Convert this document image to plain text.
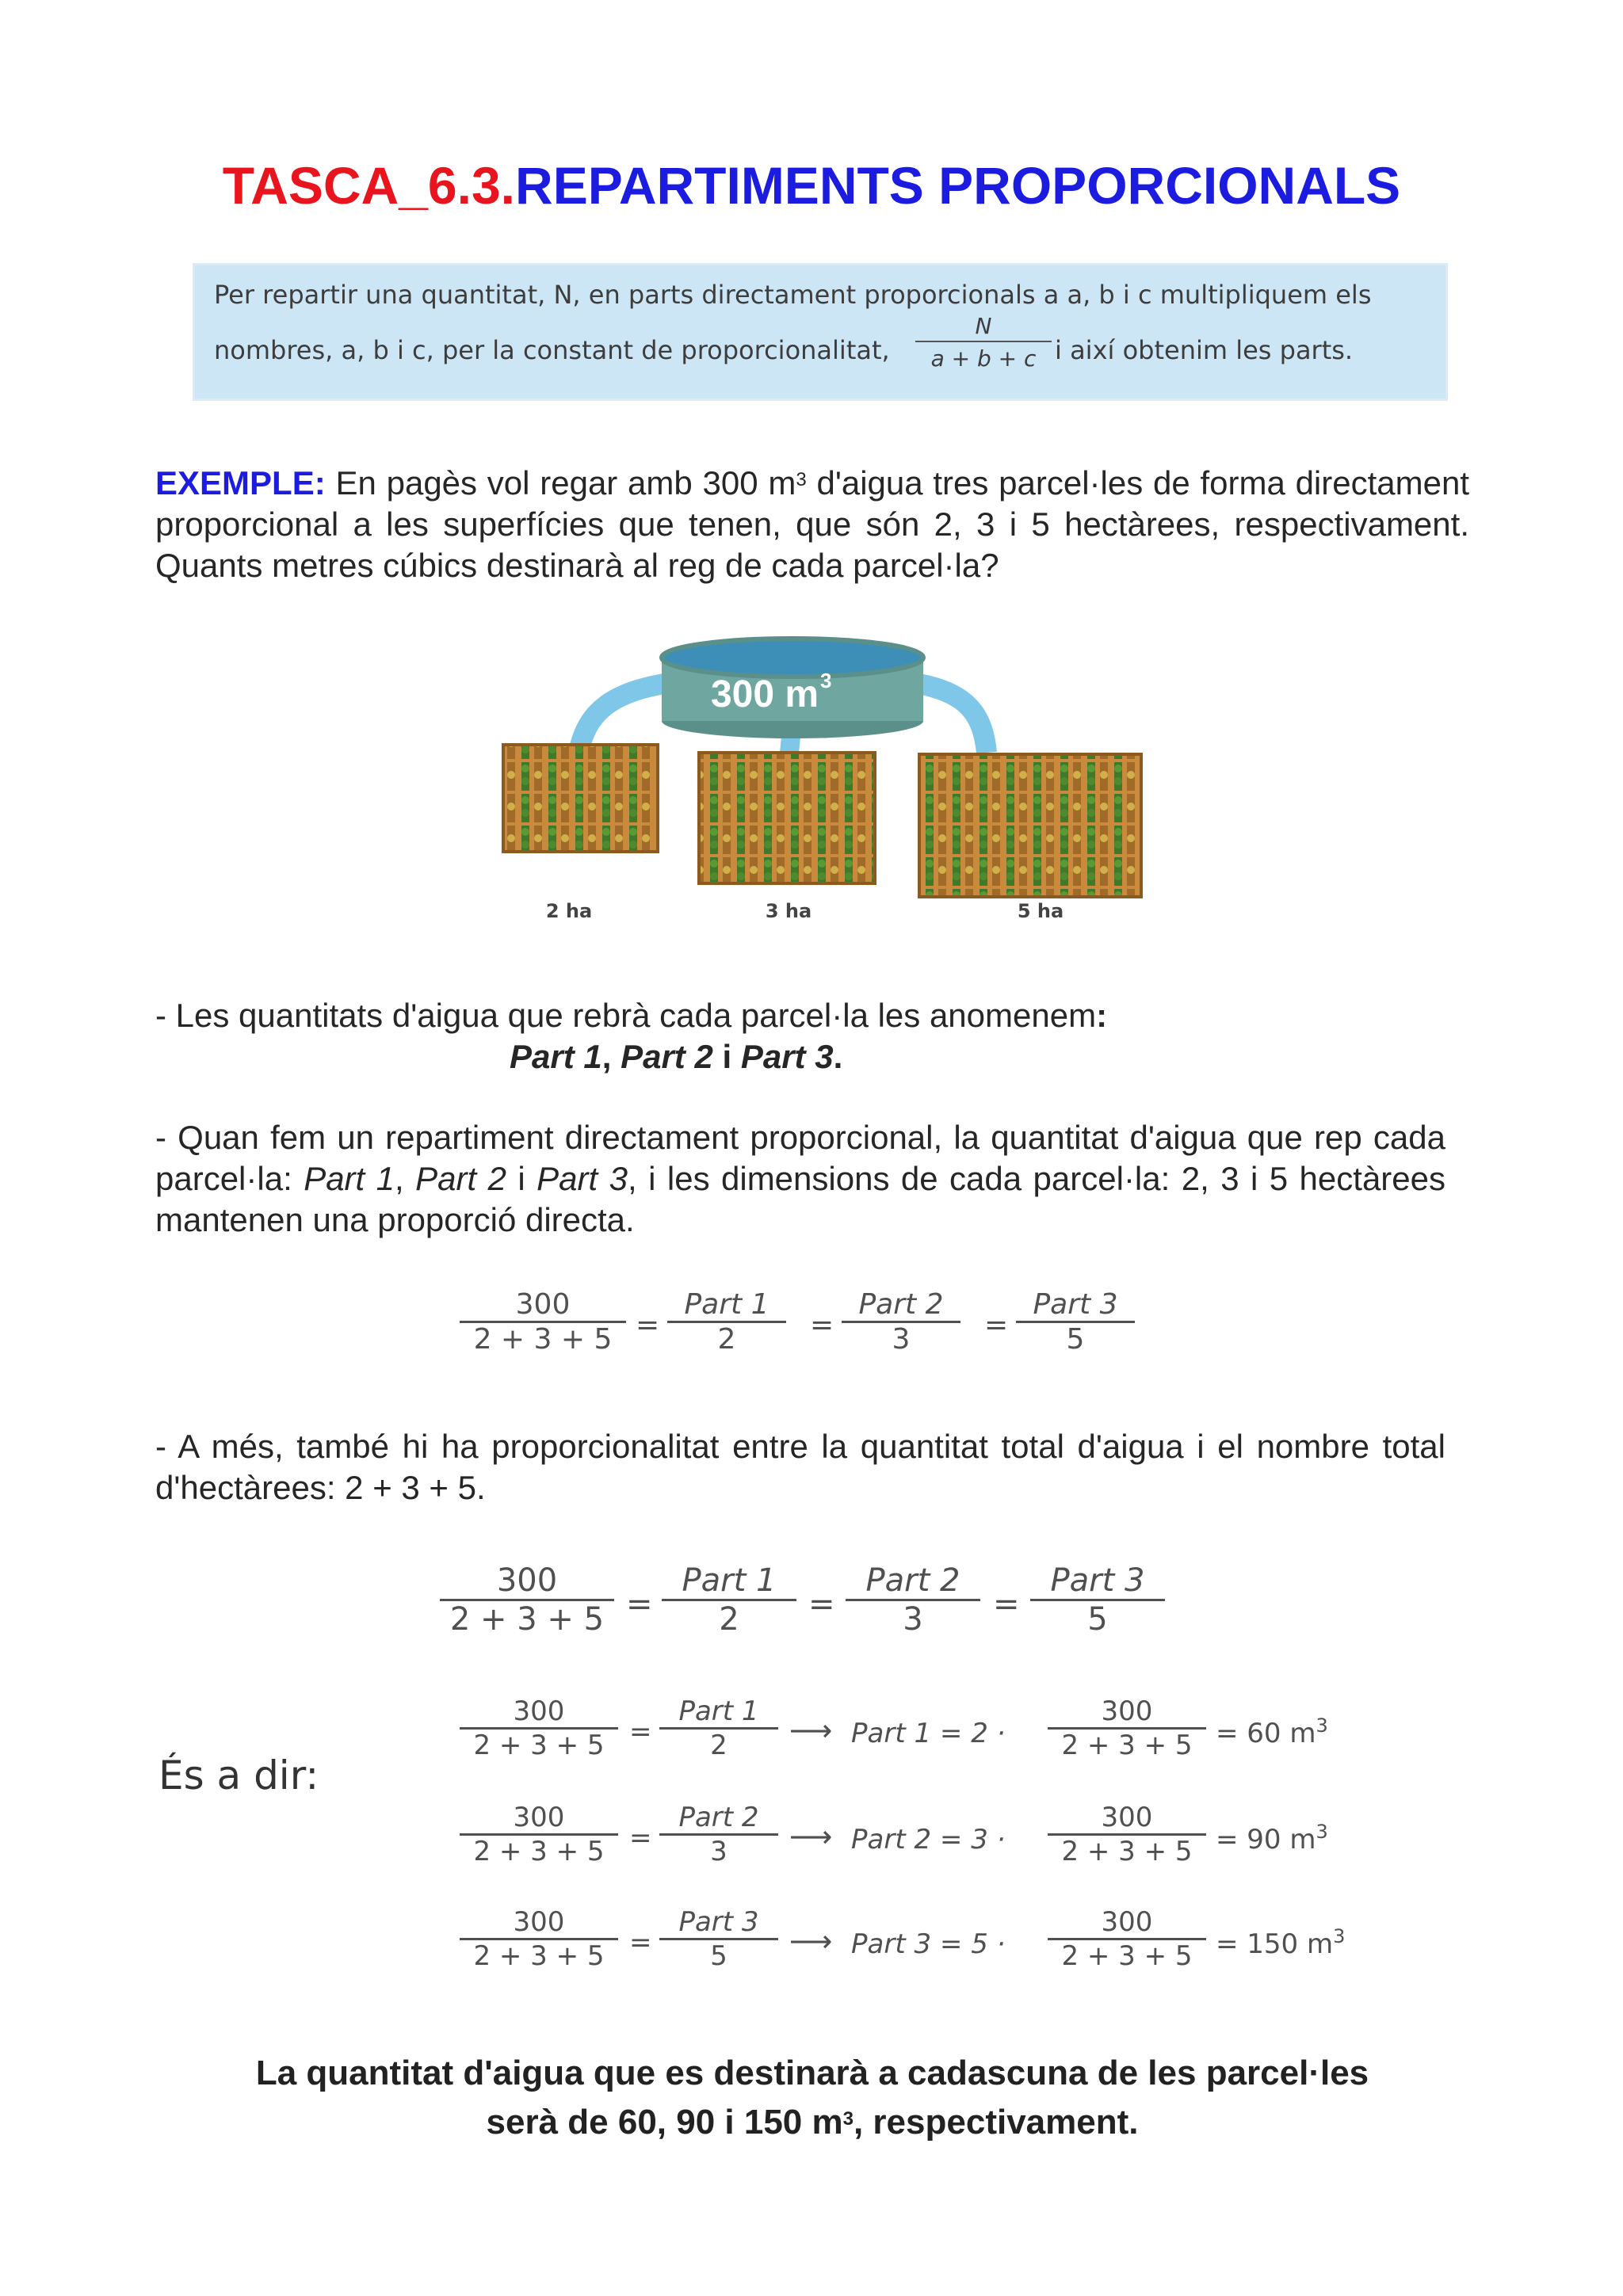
TASCA_6.3.REPARTIMENTS PROPORCIONALS
Per repartir una quantitat, N, en parts directament proporcionals a a, b i c multipliquem els
nombres, a, b i c, per la constant de proporcionalitat,
N
a + b + c i així obtenim les parts.

EXEMPLE: En pagès vol regar amb 300 $m^3$ d'aigua tres parcel·les de forma directament proporcional a les superfícies que tenen, que són 2, 3 i 5 hectàrees, respectivament. Quants metres cúbics destinarà al reg de cada parcel·la?

300 m 3
2 ha	3 ha	5 ha

- Les quantitats d'aigua que rebrà cada parcel·la les anomenem:

Part 1, Part 2 i Part 3.

- Quan fem un repartiment directament proporcional, la quantitat d'aigua que rep cada parcel·la: Part 1, Part 2 i Part 3, i les dimensions de cada parcel·la: 2, 3 i 5 hectàrees mantenen una proporció directa.

300
2 + 3 + 5 =
Part 1
2	=
Part 2
3	=
Part 3
5

- A més, també hi ha proporcionalitat entre la quantitat total d'aigua i el nombre total d'hectàrees: 2 + 3 + 5.

300
2 + 3 + 5 =
Part 1
2	=
Part 2
3	=
Part 3
5
És a dir:
300
2 + 3 + 5 =
Part 1
2	⟶ Part 1 = 2 ·
300
2 + 3 + 5 = 60 $m^3$
300
2 + 3 + 5 =
Part 2
3	⟶ Part 2 = 3 ·
300
2 + 3 + 5 = 90 $m^3$
300
2 + 3 + 5 =
Part 3
5	⟶ Part 3 = 5 ·
300
2 + 3 + 5 = 150 $m^3$
La quantitat d'aigua que es destinarà a cadascuna de les parcel·les
serà de 60, 90 i 150 $m^3$, respectivament.
